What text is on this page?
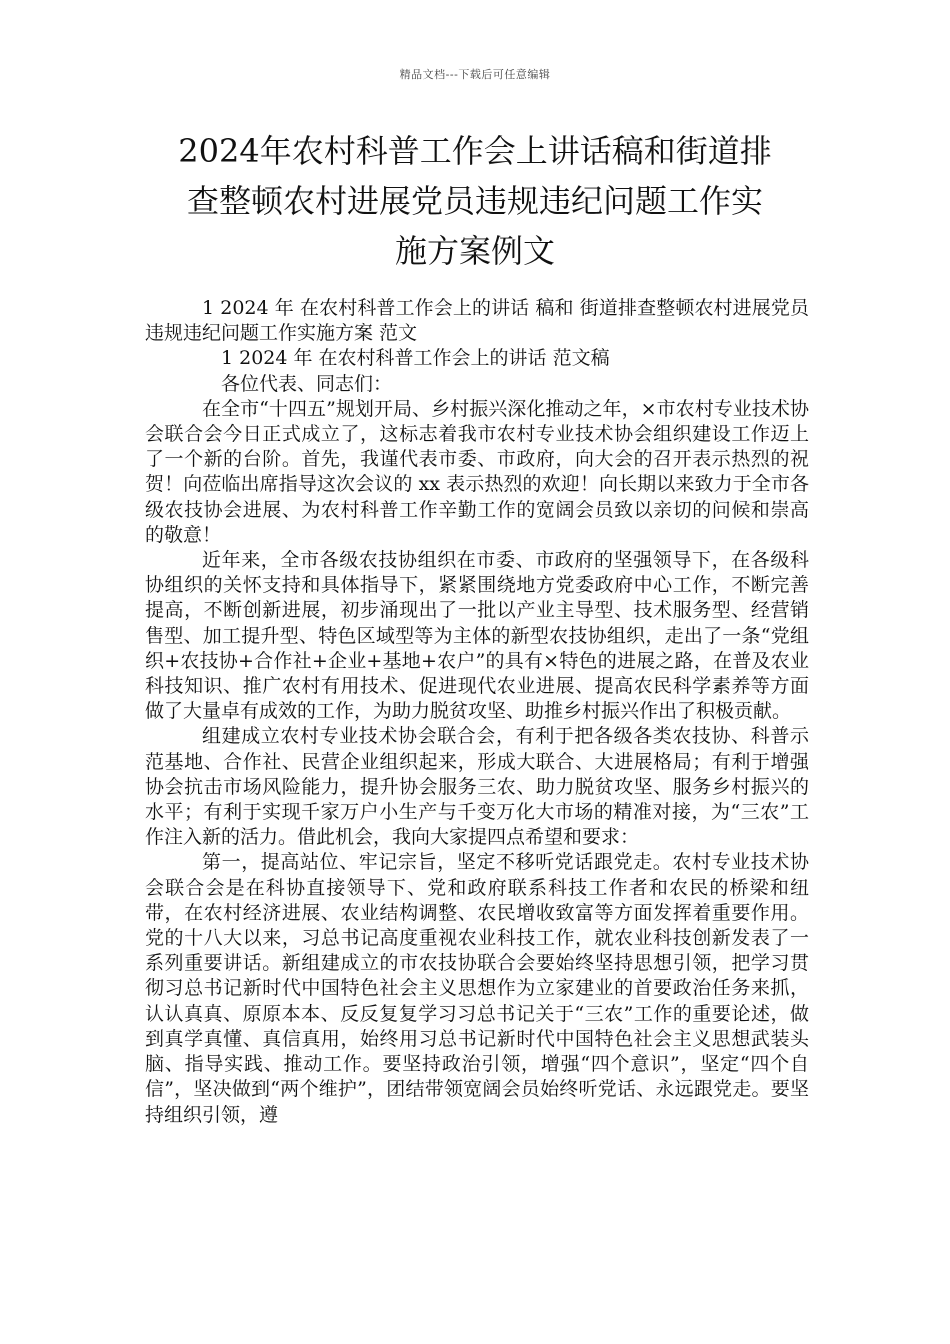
精品文档---下载后可任意编辑
2024年农村科普工作会上讲话稿和街道排
查整顿农村进展党员违规违纪问题工作实
施方案例文

1 2024 年 在农村科普工作会上的讲话 稿和 街道排查整顿农村进展党员违规违纪问题工作实施方案 范文

1 2024 年 在农村科普工作会上的讲话 范文稿

各位代表、同志们：

在全市“十四五”规划开局、乡村振兴深化推动之年，×市农村专业技术协会联合会今日正式成立了，这标志着我市农村专业技术协会组织建设工作迈上了一个新的台阶。首先，我谨代表市委、市政府，向大会的召开表示热烈的祝贺！向莅临出席指导这次会议的 xx 表示热烈的欢迎！向长期以来致力于全市各级农技协会进展、为农村科普工作辛勤工作的宽阔会员致以亲切的问候和崇高的敬意！

近年来，全市各级农技协组织在市委、市政府的坚强领导下，在各级科协组织的关怀支持和具体指导下，紧紧围绕地方党委政府中心工作，不断完善提高，不断创新进展，初步涌现出了一批以产业主导型、技术服务型、经营销售型、加工提升型、特色区域型等为主体的新型农技协组织，走出了一条“党组织+农技协+合作社+企业+基地+农户”的具有×特色的进展之路，在普及农业科技知识、推广农村有用技术、促进现代农业进展、提高农民科学素养等方面做了大量卓有成效的工作，为助力脱贫攻坚、助推乡村振兴作出了积极贡献。

组建成立农村专业技术协会联合会，有利于把各级各类农技协、科普示范基地、合作社、民营企业组织起来，形成大联合、大进展格局；有利于增强协会抗击市场风险能力，提升协会服务三农、助力脱贫攻坚、服务乡村振兴的水平；有利于实现千家万户小生产与千变万化大市场的精准对接，为“三农”工作注入新的活力。借此机会，我向大家提四点希望和要求：

第一，提高站位、牢记宗旨，坚定不移听党话跟党走。农村专业技术协会联合会是在科协直接领导下、党和政府联系科技工作者和农民的桥梁和纽带，在农村经济进展、农业结构调整、农民增收致富等方面发挥着重要作用。党的十八大以来，习总书记高度重视农业科技工作，就农业科技创新发表了一系列重要讲话。新组建成立的市农技协联合会要始终坚持思想引领，把学习贯彻习总书记新时代中国特色社会主义思想作为立家建业的首要政治任务来抓，认认真真、原原本本、反反复复学习习总书记关于“三农”工作的重要论述，做到真学真懂、真信真用，始终用习总书记新时代中国特色社会主义思想武装头脑、指导实践、推动工作。要坚持政治引领，增强“四个意识”，坚定“四个自信”，坚决做到“两个维护”，团结带领宽阔会员始终听党话、永远跟党走。要坚持组织引领，遵
